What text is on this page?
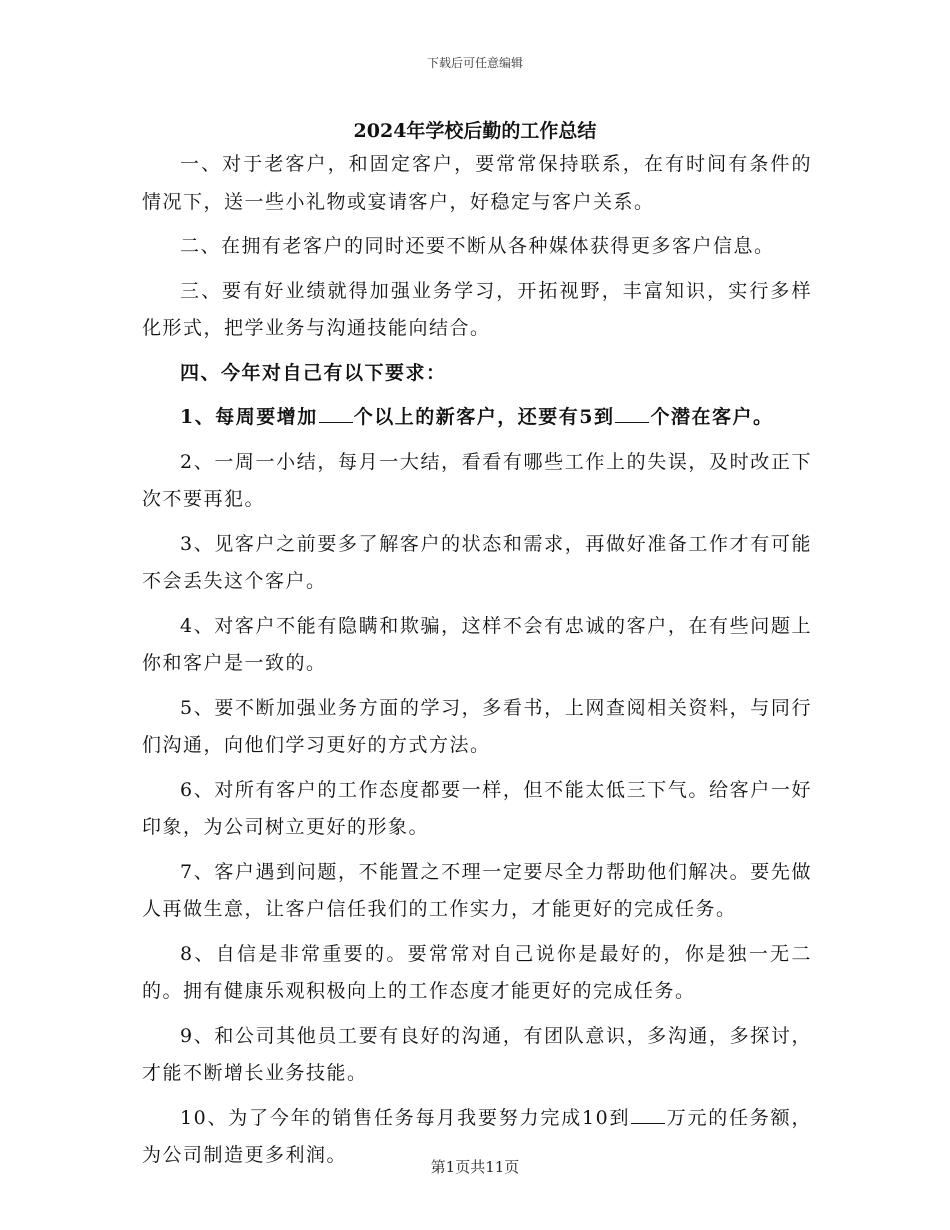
下载后可任意编辑
2024年学校后勤的工作总结

一、对于老客户，和固定客户，要常常保持联系，在有时间有条件的情况下，送一些小礼物或宴请客户，好稳定与客户关系。

二、在拥有老客户的同时还要不断从各种媒体获得更多客户信息。

三、要有好业绩就得加强业务学习，开拓视野，丰富知识，实行多样化形式，把学业务与沟通技能向结合。

四、今年对自己有以下要求：

1、每周要增加 个以上的新客户，还要有5到 个潜在客户。

2、一周一小结，每月一大结，看看有哪些工作上的失误，及时改正下次不要再犯。

3、见客户之前要多了解客户的状态和需求，再做好准备工作才有可能不会丢失这个客户。

4、对客户不能有隐瞒和欺骗，这样不会有忠诚的客户，在有些问题上你和客户是一致的。

5、要不断加强业务方面的学习，多看书，上网查阅相关资料，与同行们沟通，向他们学习更好的方式方法。

6、对所有客户的工作态度都要一样，但不能太低三下气。给客户一好印象，为公司树立更好的形象。

7、客户遇到问题，不能置之不理一定要尽全力帮助他们解决。要先做人再做生意，让客户信任我们的工作实力，才能更好的完成任务。

8、自信是非常重要的。要常常对自己说你是最好的，你是独一无二的。拥有健康乐观积极向上的工作态度才能更好的完成任务。

9、和公司其他员工要有良好的沟通，有团队意识，多沟通，多探讨，才能不断增长业务技能。

10、为了今年的销售任务每月我要努力完成10到 万元的任务额，为公司制造更多利润。

第1页共11页
